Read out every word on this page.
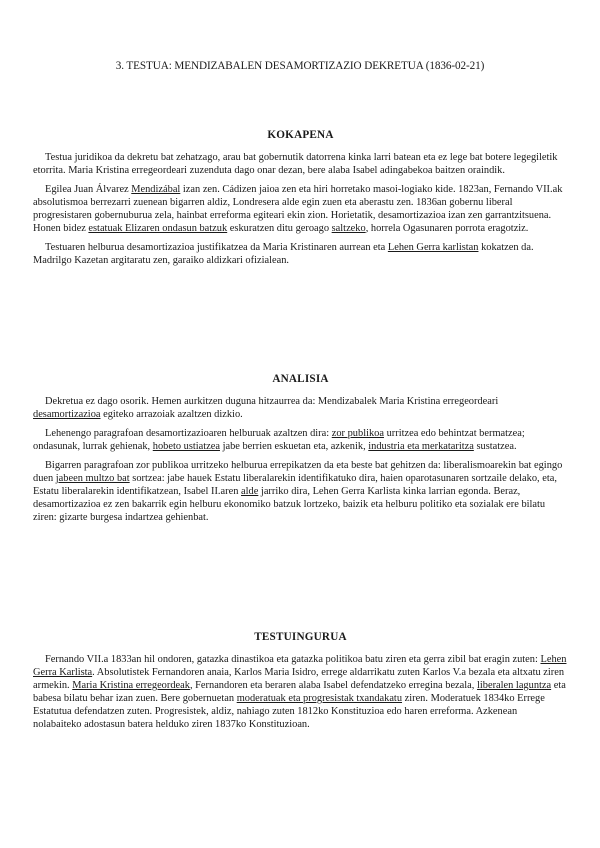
3. TESTUA: MENDIZABALEN DESAMORTIZAZIO DEKRETUA (1836-02-21)
KOKAPENA

Testua juridikoa da dekretu bat zehatzago, arau bat gobernutik datorrena kinka larri batean eta ez lege bat botere legegiletik etorrita. Maria Kristina erregeordeari zuzenduta dago onar dezan, bere alaba Isabel adingabekoa baitzen oraindik.

Egilea Juan Álvarez Mendizábal izan zen. Cádizen jaioa zen eta hiri horretako masoi-logiako kide. 1823an, Fernando VII.ak absolutismoa berrezarri zuenean bigarren aldiz, Londresera alde egin zuen eta aberastu zen. 1836an gobernu liberal progresistaren gobernuburua zela, hainbat erreforma egiteari ekin zion. Horietatik, desamortizazioa izan zen garrantzitsuena. Honen bidez estatuak Elizaren ondasun batzuk eskuratzen ditu geroago saltzeko, horrela Ogasunaren porrota eragotziz.

Testuaren helburua desamortizazioa justifikatzea da Maria Kristinaren aurrean eta Lehen Gerra karlistan kokatzen da. Madrilgo Kazetan argitaratu zen, garaiko aldizkari ofizialean.

ANALISIA

Dekretua ez dago osorik. Hemen aurkitzen duguna hitzaurrea da: Mendizabalek Maria Kristina erregeordeari desamortizazioa egiteko arrazoiak azaltzen dizkio.

Lehenengo paragrafoan desamortizazioaren helburuak azaltzen dira: zor publikoa urritzea edo behintzat bermatzea; ondasunak, lurrak gehienak, hobeto ustiatzea jabe berrien eskuetan eta, azkenik, industria eta merkataritza sustatzea.

Bigarren paragrafoan zor publikoa urritzeko helburua errepikatzen da eta beste bat gehitzen da: liberalismoarekin bat egingo duen jabeen multzo bat sortzea: jabe hauek Estatu liberalarekin identifikatuko dira, haien oparotasunaren sortzaile delako, eta, Estatu liberalarekin identifikatzean, Isabel II.aren alde jarriko dira, Lehen Gerra Karlista kinka larrian egonda. Beraz, desamortizazioa ez zen bakarrik egin helburu ekonomiko batzuk lortzeko, baizik eta helburu politiko eta sozialak ere bilatu ziren: gizarte burgesa indartzea gehienbat.

TESTUINGURUA

Fernando VII.a 1833an hil ondoren, gatazka dinastikoa eta gatazka politikoa batu ziren eta gerra zibil bat eragin zuten: Lehen Gerra Karlista. Absolutistek Fernandoren anaia, Karlos Maria Isidro, errege aldarrikatu zuten Karlos V.a bezala eta altxatu ziren armekin. Maria Kristina erregeordeak, Fernandoren eta beraren alaba Isabel defendatzeko erregina bezala, liberalen laguntza eta babesa bilatu behar izan zuen. Bere gobernuetan moderatuak eta progresistak txandakatu ziren. Moderatuek 1834ko Errege Estatutua defendatzen zuten. Progresistek, aldiz, nahiago zuten 1812ko Konstituzioa edo haren erreforma. Azkenean nolabaiteko adostasun batera helduko ziren 1837ko Konstituzioan.
